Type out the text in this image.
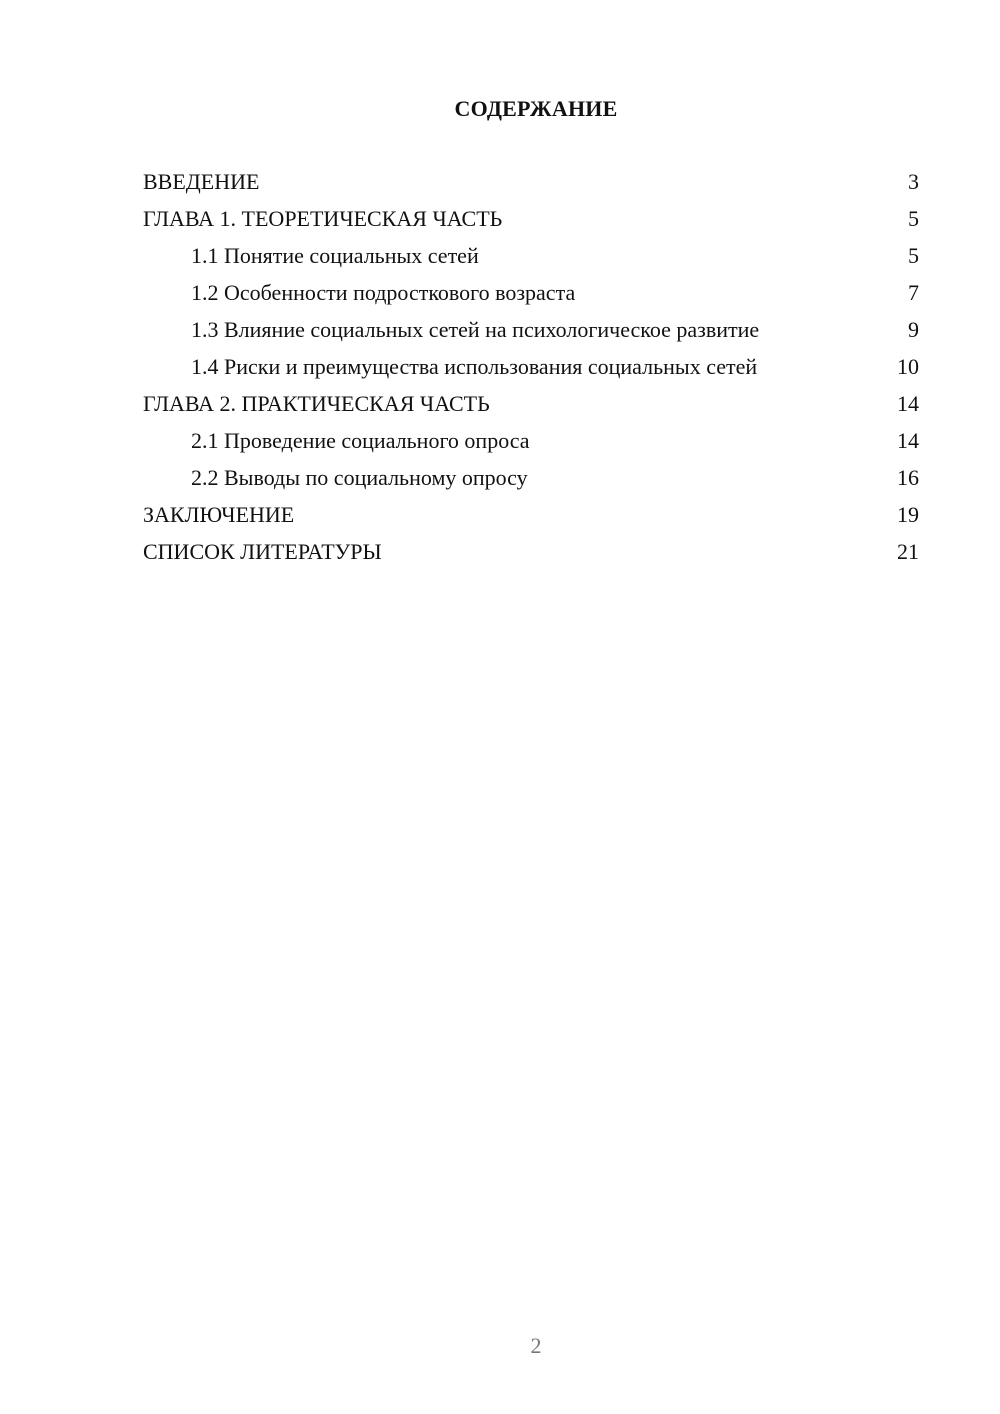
СОДЕРЖАНИЕ
ВВЕДЕНИЕ	3
ГЛАВА 1. ТЕОРЕТИЧЕСКАЯ ЧАСТЬ	5
1.1 Понятие социальных сетей	5
1.2 Особенности подросткового возраста	7
1.3 Влияние социальных сетей на психологическое развитие	9
1.4 Риски и преимущества использования социальных сетей	10
ГЛАВА 2. ПРАКТИЧЕСКАЯ ЧАСТЬ	14
2.1 Проведение социального опроса	14
2.2 Выводы по социальному опросу	16
ЗАКЛЮЧЕНИЕ	19
СПИСОК ЛИТЕРАТУРЫ	21
2
